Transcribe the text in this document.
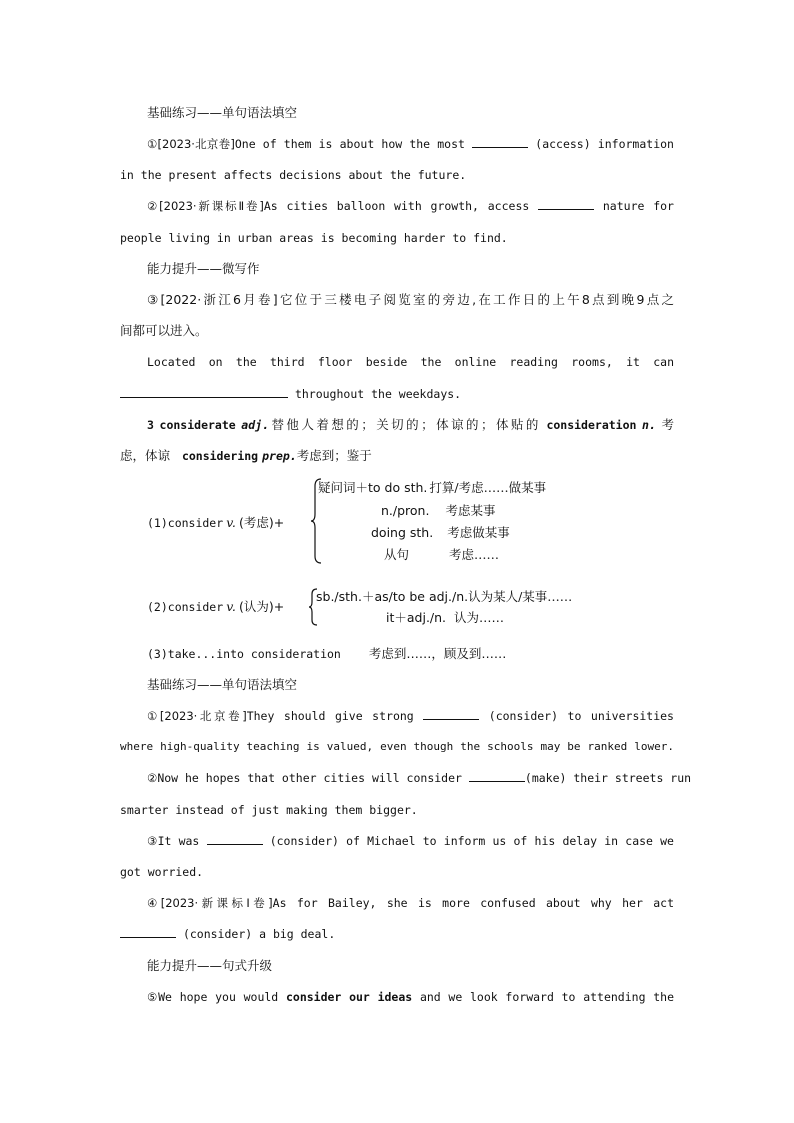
基础练习——单句语法填空
①[2023·北京卷]One of them is about how the most	(access) information
in the present affects decisions about the future.
②[2023·新课标Ⅱ卷]As cities balloon with growth, access	nature for
people living in urban areas is becoming harder to find.
能力提升——微写作
③[2022·浙江6月卷]它位于三楼电子阅览室的旁边,在工作日的上午8点到晚9点之
间都可以进入。
Located on the third floor beside the online reading rooms, it can
throughout the weekdays.
3 considerate adj.替他人着想的；关切的；体谅的；体贴的 consideration n. 考
虑，体谅 considering prep.考虑到；鉴于
(1)consider v. (考虑)+
疑问词＋to do sth. 打算/考虑……做某事
n./pron. 考虑某事
doing sth. 考虑做某事
从句	考虑……
(2)consider v. (认为)+
sb./sth.＋as/to be adj./n.认为某人/某事……
it＋adj./n. 认为……
(3)take...into consideration 考虑到……，顾及到……
基础练习——单句语法填空
①[2023·北京卷]They should give strong	(consider) to universities
where high-quality teaching is valued, even though the schools may be ranked lower.
②Now he hopes that other cities will consider	(make) their streets run
smarter instead of just making them bigger.
③It was	(consider) of Michael to inform us of his delay in case we
got worried.
④[2023·新课标Ⅰ卷]As for Bailey, she is more confused about why her act
(consider) a big deal.
能力提升——句式升级
⑤We hope you would consider our ideas and we look forward to attending the
